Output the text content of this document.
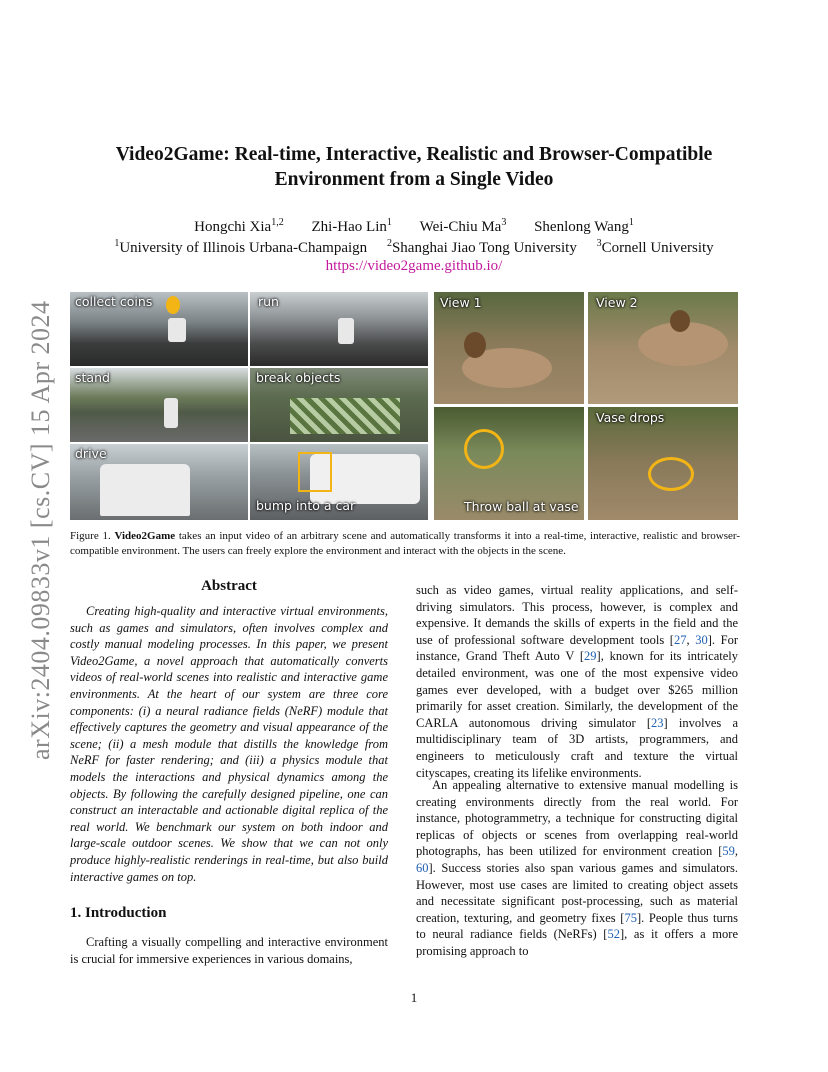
Video2Game: Real-time, Interactive, Realistic and Browser-Compatible
Environment from a Single Video
Hongchi Xia$^{1,2}$ Zhi-Hao Lin$^1$ Wei-Chiu Ma$^3$ Shenlong Wang$^1$
$^1$University of Illinois Urbana-Champaign $^2$Shanghai Jiao Tong University $^3$Cornell University
https://video2game.github.io/
arXiv:2404.09833v1 [cs.CV] 15 Apr 2024 collect coins	run
stand	break objects
drive
bump into a car
View 1	View 2
Throw ball at vase
Vase drops
Figure 1. Video2Game takes an input video of an arbitrary scene and automatically transforms it into a real-time, interactive, realistic and browser-compatible environment. The users can freely explore the environment and interact with the objects in the scene.
Abstract

Creating high-quality and interactive virtual environments, such as games and simulators, often involves complex and costly manual modeling processes. In this paper, we present Video2Game, a novel approach that automatically converts videos of real-world scenes into realistic and interactive game environments. At the heart of our system are three core components: (i) a neural radiance fields (NeRF) module that effectively captures the geometry and visual appearance of the scene; (ii) a mesh module that distills the knowledge from NeRF for faster rendering; and (iii) a physics module that models the interactions and physical dynamics among the objects. By following the carefully designed pipeline, one can construct an interactable and actionable digital replica of the real world. We benchmark our system on both indoor and large-scale outdoor scenes. We show that we can not only produce highly-realistic renderings in real-time, but also build interactive games on top.

1. Introduction

Crafting a visually compelling and interactive environment is crucial for immersive experiences in various domains,

such as video games, virtual reality applications, and self-driving simulators. This process, however, is complex and expensive. It demands the skills of experts in the field and the use of professional software development tools [27, 30]. For instance, Grand Theft Auto V [29], known for its intricately detailed environment, was one of the most expensive video games ever developed, with a budget over $265 million primarily for asset creation. Similarly, the development of the CARLA autonomous driving simulator [23] involves a multidisciplinary team of 3D artists, programmers, and engineers to meticulously craft and texture the virtual cityscapes, creating its lifelike environments.

An appealing alternative to extensive manual modelling is creating environments directly from the real world. For instance, photogrammetry, a technique for constructing digital replicas of objects or scenes from overlapping real-world photographs, has been utilized for environment creation [59, 60]. Success stories also span various games and simulators. However, most use cases are limited to creating object assets and necessitate significant post-processing, such as material creation, texturing, and geometry fixes [75]. People thus turns to neural radiance fields (NeRFs) [52], as it offers a more promising approach to

1
